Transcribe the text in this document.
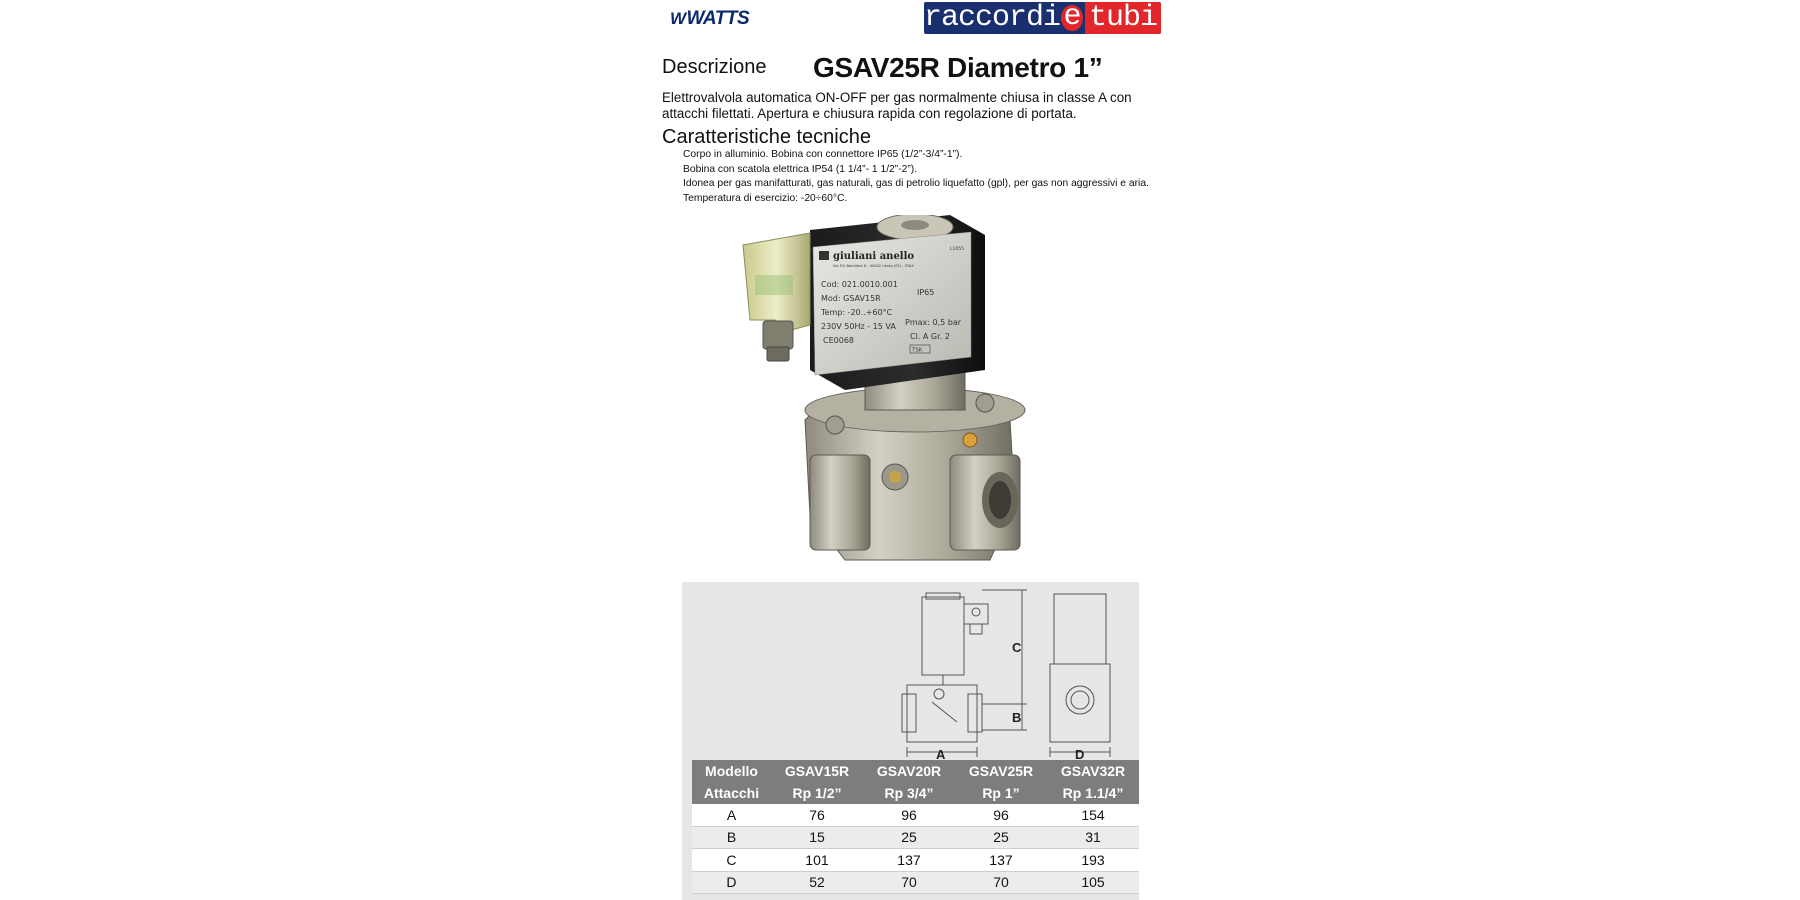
WWATTS	raccordi e tubi
Descrizione GSAV25R Diametro 1”
Elettrovalvola automatica ON-OFF per gas normalmente chiusa in classe A con attacchi filettati. Apertura e chiusura rapida con regolazione di portata.
Caratteristiche tecniche
Corpo in alluminio. Bobina con connettore IP65 (1/2”-3/4”-1”).
Bobina con scatola elettrica IP54 (1 1/4”- 1 1/2”-2”).
Idonea per gas manifatturati, gas naturali, gas di petrolio liquefatto (gpl), per gas non aggressivi e aria.
Temperatura di esercizio: -20÷60°C.
giuliani anello
Via F.lli Bandiera 8 - 44042 Cento (FE) - ITALY
L1055
Cod: 021.0010.001
Mod: GSAV15R
Temp: -20..+60°C
230V 50Hz - 15 VA
CE0068
IP65
Pmax: 0,5 bar
Cl. A Gr. 2
TSK
A
B
C
D
Modello	GSAV15R	GSAV20R	GSAV25R	GSAV32R
Attacchi	Rp 1/2”	Rp 3/4”	Rp 1”	Rp 1.1/4”
A	76	96	96	154
B	15	25	25	31
C	101	137	137	193
D	52	70	70	105
